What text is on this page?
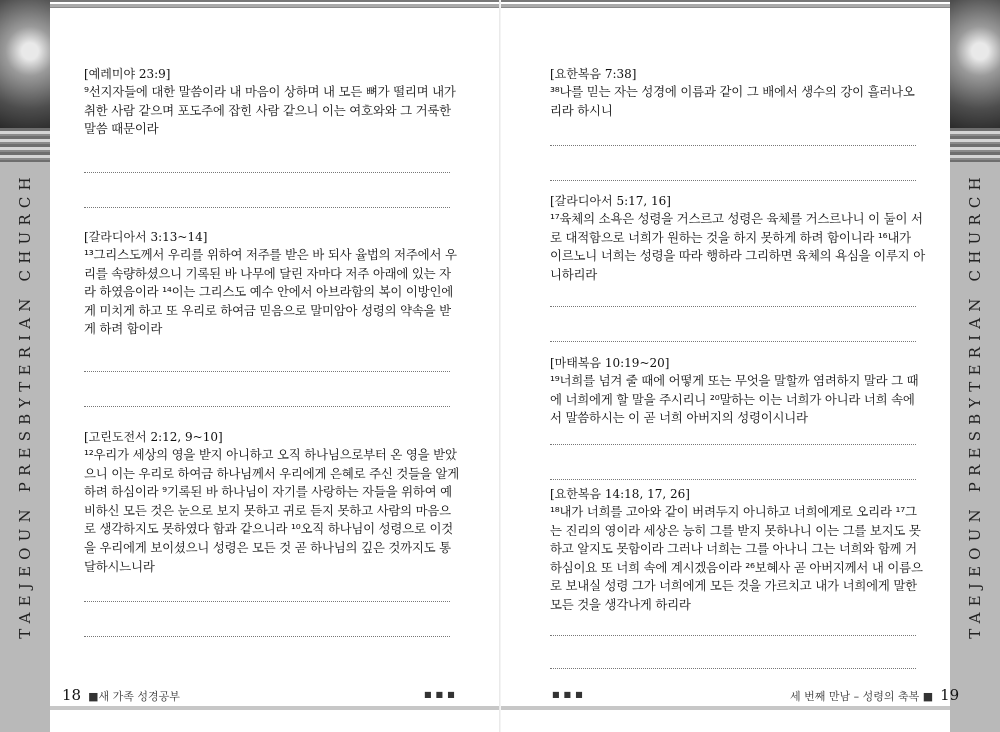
TAEJEOUN PRESBYTERIAN CHURCH	TAEJEOUN PRESBYTERIAN CHURCH
[예레미야 23:9]
⁹선지자들에 대한 말씀이라 내 마음이 상하며 내 모든 뼈가 떨리며 내가 취한 사람 같으며 포도주에 잡힌 사람 같으니 이는 여호와와 그 거룩한 말씀 때문이라
[갈라디아서 3:13~14]
¹³그리스도께서 우리를 위하여 저주를 받은 바 되사 율법의 저주에서 우리를 속량하셨으니 기록된 바 나무에 달린 자마다 저주 아래에 있는 자라 하였음이라 ¹⁴이는 그리스도 예수 안에서 아브라함의 복이 이방인에게 미치게 하고 또 우리로 하여금 믿음으로 말미암아 성령의 약속을 받게 하려 함이라
[고린도전서 2:12, 9~10]
¹²우리가 세상의 영을 받지 아니하고 오직 하나님으로부터 온 영을 받았으니 이는 우리로 하여금 하나님께서 우리에게 은혜로 주신 것들을 알게 하려 하심이라 ⁹기록된 바 하나님이 자기를 사랑하는 자들을 위하여 예비하신 모든 것은 눈으로 보지 못하고 귀로 듣지 못하고 사람의 마음으로 생각하지도 못하였다 함과 같으니라 ¹⁰오직 하나님이 성령으로 이것을 우리에게 보이셨으니 성령은 모든 것 곧 하나님의 깊은 것까지도 통달하시느니라
18 ■새 가족 성경공부	■■■
[요한복음 7:38]
³⁸나를 믿는 자는 성경에 이름과 같이 그 배에서 생수의 강이 흘러나오리라 하시니
[갈라디아서 5:17, 16]
¹⁷육체의 소욕은 성령을 거스르고 성령은 육체를 거스르나니 이 둘이 서로 대적함으로 너희가 원하는 것을 하지 못하게 하려 함이니라 ¹⁶내가 이르노니 너희는 성령을 따라 행하라 그리하면 육체의 욕심을 이루지 아니하리라
[마태복음 10:19~20]
¹⁹너희를 넘겨 줄 때에 어떻게 또는 무엇을 말할까 염려하지 말라 그 때에 너희에게 할 말을 주시리니 ²⁰말하는 이는 너희가 아니라 너희 속에서 말씀하시는 이 곧 너희 아버지의 성령이시니라
[요한복음 14:18, 17, 26]
¹⁸내가 너희를 고아와 같이 버려두지 아니하고 너희에게로 오리라 ¹⁷그는 진리의 영이라 세상은 능히 그를 받지 못하나니 이는 그를 보지도 못하고 알지도 못함이라 그러나 너희는 그를 아나니 그는 너희와 함께 거하심이요 또 너희 속에 계시겠음이라 ²⁶보혜사 곧 아버지께서 내 이름으로 보내실 성령 그가 너희에게 모든 것을 가르치고 내가 너희에게 말한 모든 것을 생각나게 하리라
■■■	세 번째 만남 – 성령의 축복 ■ 19
